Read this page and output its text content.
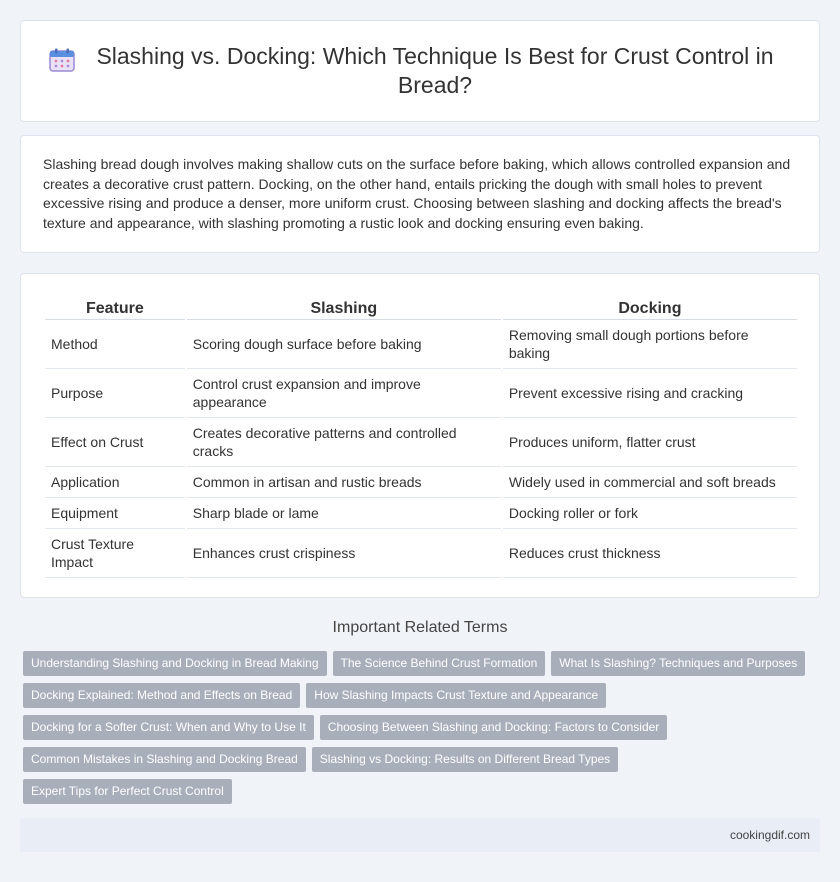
Slashing vs. Docking: Which Technique Is Best for Crust Control in Bread?

Slashing bread dough involves making shallow cuts on the surface before baking, which allows controlled expansion and creates a decorative crust pattern. Docking, on the other hand, entails pricking the dough with small holes to prevent excessive rising and produce a denser, more uniform crust. Choosing between slashing and docking affects the bread's texture and appearance, with slashing promoting a rustic look and docking ensuring even baking.

Feature	Slashing	Docking
Method	Scoring dough surface before baking	Removing small dough portions before baking
Purpose	Control crust expansion and improve appearance	Prevent excessive rising and cracking
Effect on Crust	Creates decorative patterns and controlled cracks	Produces uniform, flatter crust
Application	Common in artisan and rustic breads	Widely used in commercial and soft breads
Equipment	Sharp blade or lame	Docking roller or fork
Crust Texture Impact	Enhances crust crispiness	Reduces crust thickness
Important Related Terms
Understanding Slashing and Docking in Bread Making	The Science Behind Crust Formation	What Is Slashing? Techniques and Purposes
Docking Explained: Method and Effects on Bread	How Slashing Impacts Crust Texture and Appearance
Docking for a Softer Crust: When and Why to Use It	Choosing Between Slashing and Docking: Factors to Consider
Common Mistakes in Slashing and Docking Bread	Slashing vs Docking: Results on Different Bread Types
Expert Tips for Perfect Crust Control
cookingdif.com
